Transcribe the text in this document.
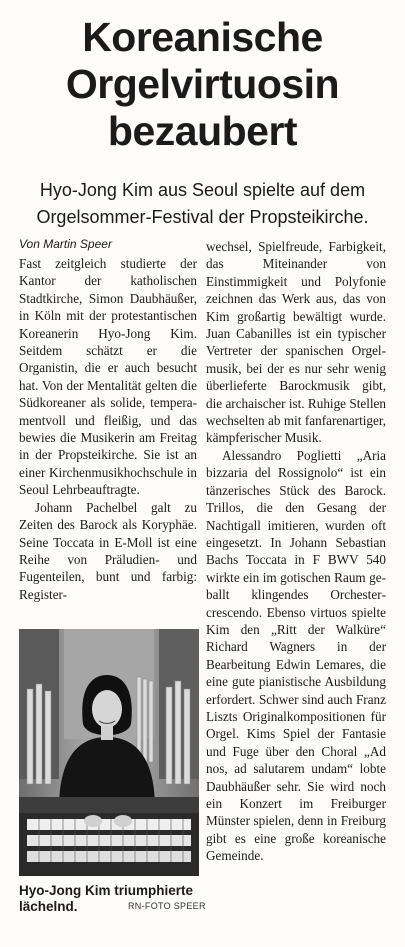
Koreanische
Orgelvirtuosin
bezaubert
Hyo-Jong Kim aus Seoul spielte auf dem
Orgelsommer-Festival der Propsteikirche.
Von Martin Speer

Fast zeitgleich studierte der Kantor der katholischen Stadtkirche, Simon Daubhäußer, in Köln mit der protestantischen Koreanerin Hyo-Jong Kim. Seitdem schätzt er die Organistin, die er auch besucht hat. Von der Mentalität gelten die Südkoreaner als solide, temperamentvoll und fleißig, und das bewies die Musikerin am Freitag in der Propsteikirche. Sie ist an einer Kirchenmusikhochschule in Seoul Lehrbeauftragte.

Johann Pachelbel galt zu Zeiten des Barock als Koryphäe. Seine Toccata in E-Moll ist eine Reihe von Präludien- und Fugenteilen, bunt und farbig: Register-

wechsel, Spielfreude, Farbigkeit, das Miteinander von Einstimmigkeit und Polyfonie zeichnen das Werk aus, das von Kim großartig bewältigt wurde. Juan Cabanilles ist ein typischer Vertreter der spanischen Orgelmusik, bei der es nur sehr wenig überlieferte Barockmusik gibt, die archaischer ist. Ruhige Stellen wechselten ab mit fanfarenartiger, kämpferischer Musik.

Alessandro Poglietti „Aria bizzaria del Rossignolo“ ist ein tänzerisches Stück des Barock. Trillos, die den Gesang der Nachtigall imitieren, wurden oft eingesetzt. In Johann Sebastian Bachs Toccata in F BWV 540 wirkte ein im gotischen Raum geballt klingendes Orchestercrescendo. Ebenso virtuos spielte Kim den „Ritt der Walküre“ Richard Wagners in der Bearbeitung Edwin Lemares, die eine gute pianistische Ausbildung erfordert. Schwer sind auch Franz Liszts Originalkompositionen für Orgel. Kims Spiel der Fantasie und Fuge über den Choral „Ad nos, ad salutarem undam“ lobte Daubhäußer sehr. Sie wird noch ein Konzert im Freiburger Münster spielen, denn in Freiburg gibt es eine große koreanische Gemeinde.

Hyo-Jong Kim triumphierte
lächelnd.	RN-FOTO SPEER
